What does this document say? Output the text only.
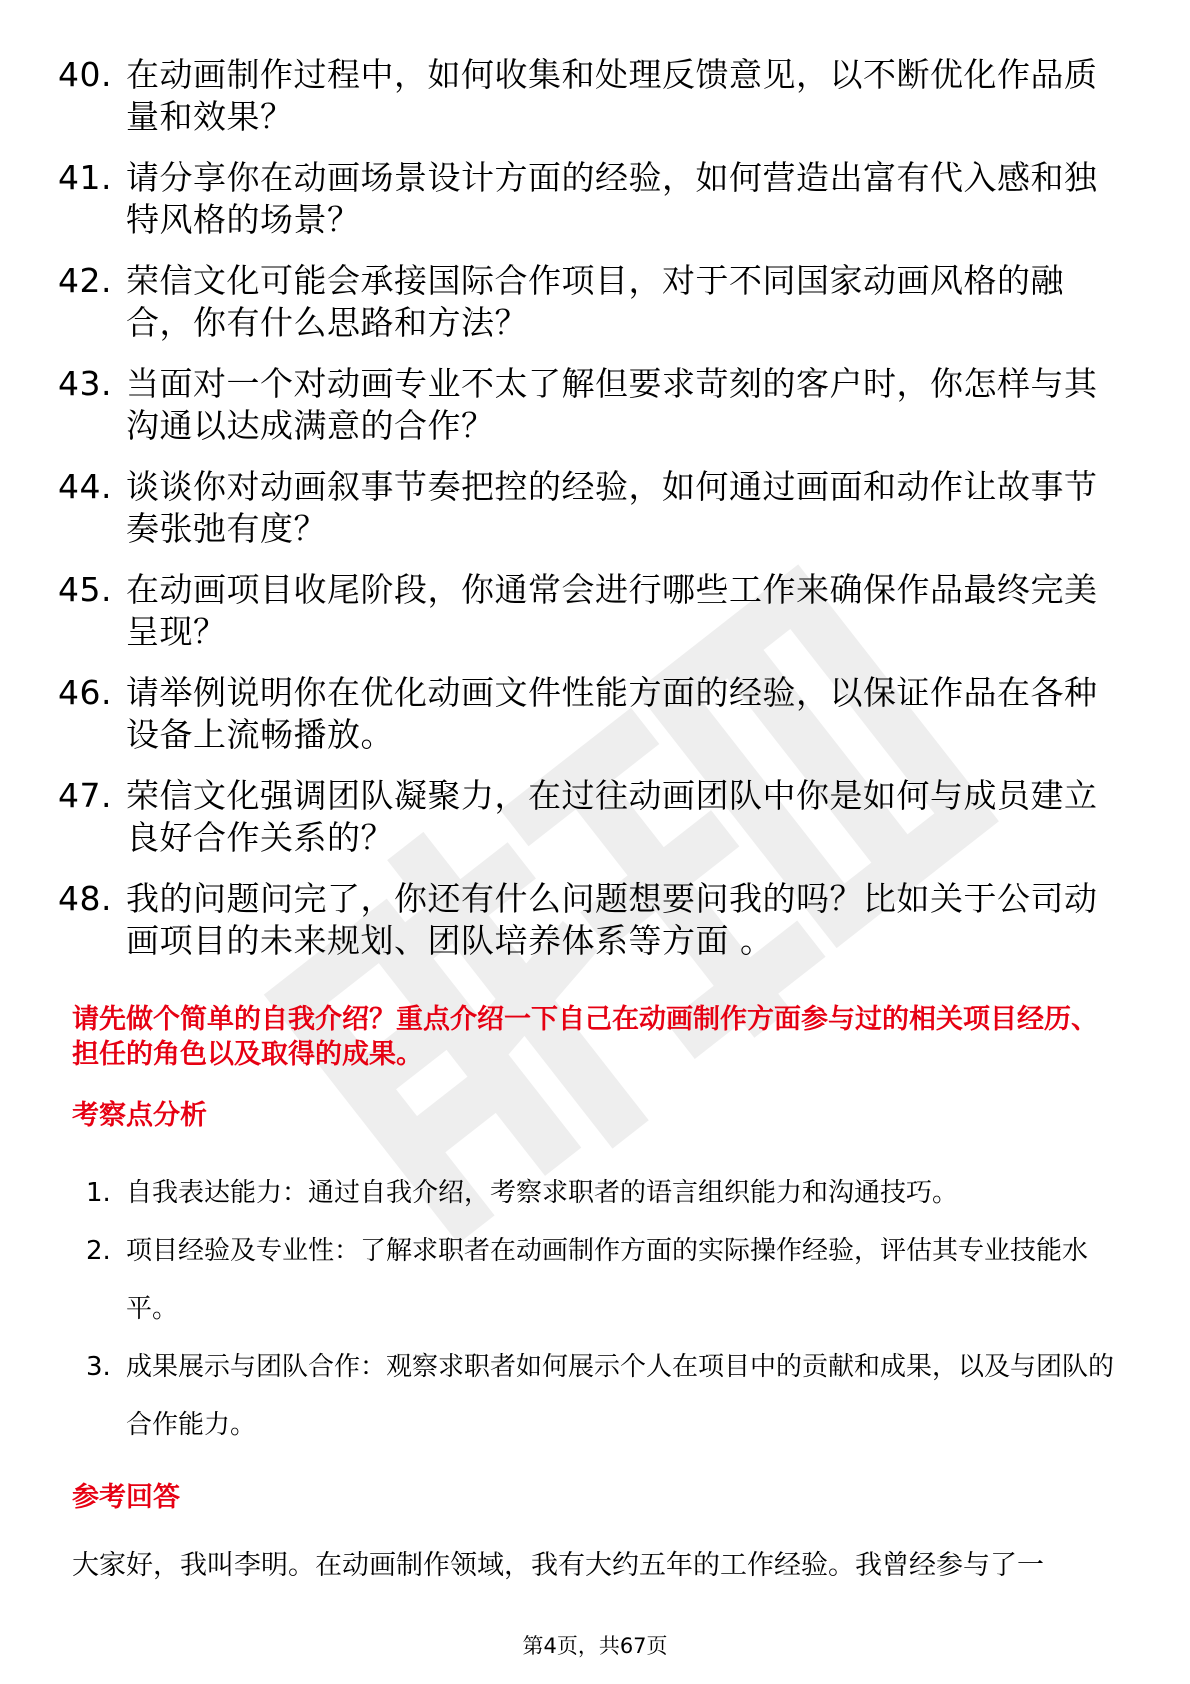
40. 在动画制作过程中，如何收集和处理反馈意见，以不断优化作品质量和效果？
41. 请分享你在动画场景设计方面的经验，如何营造出富有代入感和独特风格的场景？
42. 荣信文化可能会承接国际合作项目，对于不同国家动画风格的融合，你有什么思路和方法？
43. 当面对一个对动画专业不太了解但要求苛刻的客户时，你怎样与其沟通以达成满意的合作？
44. 谈谈你对动画叙事节奏把控的经验，如何通过画面和动作让故事节奏张弛有度？
45. 在动画项目收尾阶段，你通常会进行哪些工作来确保作品最终完美呈现？
46. 请举例说明你在优化动画文件性能方面的经验，以保证作品在各种设备上流畅播放。
47. 荣信文化强调团队凝聚力，在过往动画团队中你是如何与成员建立良好合作关系的？
48. 我的问题问完了，你还有什么问题想要问我的吗？比如关于公司动画项目的未来规划、团队培养体系等方面 。
请先做个简单的自我介绍？重点介绍一下自己在动画制作方面参与过的相关项目经历、担任的角色以及取得的成果。
考察点分析
1. 自我表达能力：通过自我介绍，考察求职者的语言组织能力和沟通技巧。
2. 项目经验及专业性：了解求职者在动画制作方面的实际操作经验，评估其专业技能水平。
3. 成果展示与团队合作：观察求职者如何展示个人在项目中的贡献和成果，以及与团队的合作能力。
参考回答
大家好，我叫李明。在动画制作领域，我有大约五年的工作经验。我曾经参与了一
第4页，共67页
